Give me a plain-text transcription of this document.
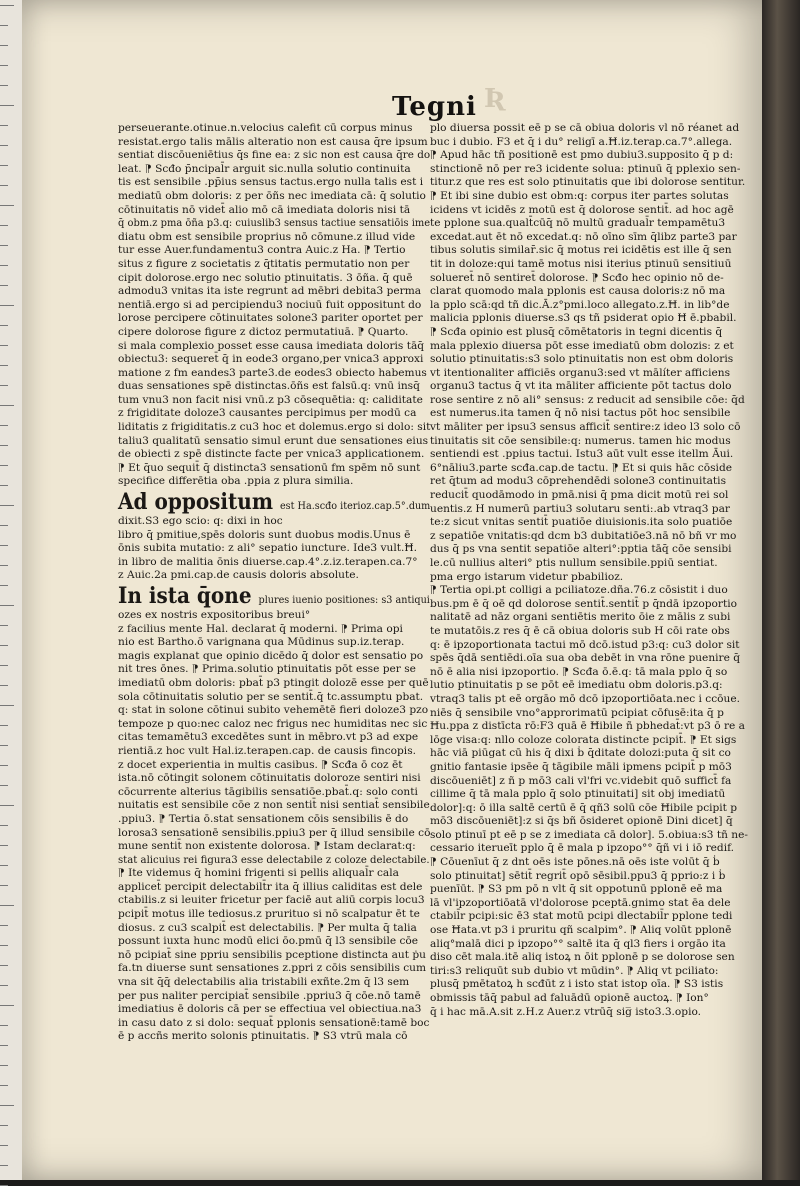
Ʀ
Tegni

perseuerante.otinue.n.velocius calefit cū corpus minus

resistat.ergo talis mālis alteratio non est causa q̄re ipsum

sentiat discōueniētius q̄s fine ea: z sic non est causa q̄re do

leat. ⁋ Scđo p̄ncipal̄r arguit sic.nulla solutio continuita

tis est sensibile .pp̄ius sensus tactus.ergo nulla talis est i

mediatū obm doloris: z per ōñs nec imediata cā: q̄ solutio

cōtinuitatis nō videt̄ alio mō cā imediata doloris nisi tā

q̄ obm.z pma ōña p3.q: cuiuslib3 sensus tactiue sensatiōis ime

diatu obm est sensibile proprius nō cōmune.z illud vide

tur esse Auer.fundamentu3 contra Auic.z Ha. ⁋ Tertio

situs z figure z societatis z q̄titatis permutatio non per

cipit dolorose.ergo nec solutio ptinuitatis. 3 ōña. q̄ quē

admodu3 vnitas ita iste regrunt ad mēbri debita3 perma

nentiā.ergo si ad percipiendu3 nociuū fuit oppositunt do

lorose percipere cōtinuitates solone3 pariter oportet per

cipere dolorose figure z dictoz permutatiuā. ⁋ Quarto.

si mala complexio posset esse causa imediata doloris tāq̄

obiectu3: sequeret̄ q̄ in eode3 organo,per vnica3 approxi

matione z fm eandes3 parte3.de eodes3 obiecto habemus

duas sensationes spē distinctas.ōñs est falsū.q: vnū insq̄

tum vnu3 non facit nisi vnū.z p3 cōsequētia: q: caliditate

z frigiditate doloze3 causantes percipimus per modū ca

liditatis z frigiditatis.z cu3 hoc et dolemus.ergo si dolo: sit

taliu3 qualitatū sensatio simul erunt due sensationes eius

de obiecti z spē distincte facte per vnica3 applicationem.

⁋ Et q̄uo sequit̄ q̄ distincta3 sensationū fm spēm nō sunt

specifice differētia oba .ppia z plura similia.

Ad oppositum est Ha.scđo iterioz.cap.5°.dum

dixit.S3 ego scio: q: dixi in hoc

libro q̄ pmitiue,spēs doloris sunt duobus modis.Unus ē

ōnis subita mutatio: z ali° sepatio iuncture. Ide3 vult.Ħ.

in libro de malitia ōnis diuerse.cap.4°.z.iz.terapen.ca.7°

z Auic.2a pmi.cap.de causis doloris absolute.

In ista q̄one plures iuenio positiones: s3 antiqui

ozes ex nostris expositoribus breui°

z facilius mente Hal. declarat q̄ moderni. ⁋ Prima opi

nio est Bartho.ō varignana qua Mūdinus sup.iz.terap.

magis explanat que opinio dicēdo q̄ dolor est sensatio po

nit tres ōnes. ⁋ Prima.solutio ptinuitatis pōt esse per se

imediatū obm doloris: pbat̄ p3 ptingit dolozē esse per quē

sola cōtinuitatis solutio per se sentit̄.q̄ tc.assumptu pbat.

q: stat in solone cōtinui subito vehemētē fieri doloze3 pzo

tempoze p quo:nec caloz nec frigus nec humiditas nec sic

citas temamētu3 excedētes sunt in mēbro.vt p3 ad expe

rientiā.z hoc vult Hal.iz.terapen.cap. de causis fincopis.

z docet experientia in multis casibus. ⁋ Scđa ō coz ēt

ista.nō cōtingit solonem cōtinuitatis doloroze sentiri nisi

cōcurrente alterius tāgibilis sensatiōe.pbat̄.q: solo conti

nuitatis est sensibile cōe z non sentit̄ nisi sentiat̄ sensibile

.ppiu3. ⁋ Tertia ō.stat sensationem cōis sensibilis ē do

lorosa3 sensationē sensibilis.ppiu3 per q̄ illud sensibile cō

mune sentit̄ non existente dolorosa. ⁋ Istam declarat:q:

stat alicuius rei figura3 esse delectabile z coloze delectabile.

⁋ Ite videmus q̄ homini frigenti si pellis aliqual̄r cala

applicet̄ percipit delectabilt̄r ita q̄ illius caliditas est dele

ctabilis.z si leuiter fricetur per faciē aut aliū corpis locu3

pcipit̄ motus ille tediosus.z prurituo si nō scalpatur ēt te

diosus. z cu3 scalpit̄ est delectabilis. ⁋ Per multa q̄ talia

possunt iuxta hunc modū elici ōo.pmū q̄ l3 sensibile cōe

nō pcipiat̄ sine ppriu sensibilis pceptione distincta aut ṗu

fa.tn diuerse sunt sensationes z.ppri z cōis sensibilis cum

vna sit q̄q̄ delectabilis alia tristabili exñte.2m q̄ l3 sem

per pus naliter percipiat̄ sensibile .ppriu3 q̄ cōe.nō tamē

imediatius ē doloris cā per se effectiua vel obiectiua.na3

in casu dato z si dolo: sequat̄ pplonis sensationē:tamē boc

ē p accñs merito solonis ptinuitatis. ⁋ S3 vtrū mala cō

plo diuersa possit eē p se cā obiua doloris vl nō réanet ad

buc i dubio. F3 et q̄ i du° religī a.Ħ.iz.terap.ca.7°.allega.

⁋ Apud hāc tñ positionē est pmo dubiu3.supposito q̄ p d:

stinctionē nō per re3 icidente solua: ptinuū q̄ pplexio sen-

titur.z que res est solo ptinuitatis que ibi dolorose sentitur.

⁋ Et ibi sine dubio est obm:q: corpus iter partes solutas

icidens vt icidēs z motū est q̄ dolorose sentit̄. ad hoc agē

te pplone sua.qualt̄cūq̄ nō multū gradual̄r tempamētu3

excedat.aut ēt nō excedat.q: nō oīno sīm q̄libz parte3 par

tibus solutis similar̄.sic q̄ motus rei icidētis est ille q̄ sen

tit in doloze:qui tamē motus nisi iterius ptinuū sensitiuū

solueret̄ nō sentiret̄ dolorose. ⁋ Scđo hec opinio nō de-

clarat quomodo mala pplonis est causa doloris:z nō ma

la pplo scā:qd tñ dic.Ā.z°pmi.loco allegato.z.Ħ. in lib°de

malicia pplonis diuerse.s3 qs tñ psiderat opio Ħ ē.pbabil.

⁋ Scđa opinio est plusq̄ cōmētatoris in tegni dicentis q̄

mala pplexio diuersa pōt esse imediatū obm dolozis: z et

solutio ptinuitatis:s3 solo ptinuitatis non est obm doloris

vt itentionaliter afficiēs organu3:sed vt mālíter afficiens

organu3 tactus q̄ vt ita māliter afficiente pōt tactus dolo

rose sentire z nō ali° sensus: z reducit ad sensibile cōe: q̄d

est numerus.ita tamen q̄ nō nisi tactus pōt hoc sensibile

vt māliter per ipsu3 sensus afficit̄ sentire:z ideo l3 solo cō

tinuitatis sit cōe sensibile:q: numerus. tamen hic modus

sentiendi est .ppius tactui. Istu3 aūt vult esse itellm Āui.

6°nāliu3.parte scđa.cap.de tactu. ⁋ Et si quis hāc cōside

ret q̄tum ad modu3 cōprehendēdi solone3 continuitatis

reducit̄ quodāmodo in pmā.nisi q̄ pma dicit motū rei sol

uentis.z H numerū partiu3 solutaru senti:.ab vtraq3 par

te:z sicut vnitas sentit̄ puatiōe diuisionis.ita solo puatiōe

z sepatiōe vnitatis:qd dcm b3 dubitatiōe3.nā nō bñ vr mo

dus q̄ ps vna sentit sepatiōe alteri°:pptia tāq̄ cōe sensibi

le.cū nullius alteri° ptis nullum sensibile.ppiū sentiat.

pma ergo istarum videtur pbabilioz.

⁋ Tertia opi.pt colligi a pciliatoze.dña.76.z cōsistit i duo

bus.pm ē q̄ oē qd dolorose sentit̄.sentit̄ p q̄ndā ipzoportio

nalitatē ad nāz organi sentiētis merito ōie z mālis z subi

te mutatōis.z res q̄ ē cā obiua doloris sub H cōi rate obs

q: ē ipzoportionata tactui mō dcō.istud p3:q: cu3 dolor sit

spēs q̄dā sentiēdi.oīa sua oba debēt in vna rōne puenire q̄

nō ē alia nisi ipzoportio. ⁋ Scđa ō.ē.q: tā mala pplo q̄ so

lutio ptinuitatis p se pōt eē imediatu obm doloris.p3.q:

vtraq3 talis pt eē orgāo mō dcō ipzoportiōata.nec i ccōue.

niēs q̄ sensibile vno°approrimatū pcipiat cōfusē:ita q̄ p

Ħu.ppa z distīcta rō:F3 quā ē Ħibile ñ pbhedat̄:vt p3 ō re a

lōge visa:q: nllo coloze colorata distincte pcipit̄. ⁋ Et sigs

hāc viā piūgat cū his q̄ dixi ḃ q̄ditate dolozi:puta q̄ sit co

gnitio fantasie ipsēe q̄ tāgibile māli ipmens pcipit̄ p mō3

discōueniēt] z ñ p mō3 cali vl'fri vc.videbit quō suffict̄ fa

cillime q̄ tā mala pplo q̄ solo ptinuitati] sit obj imediatū

dolor]:q: ō illa saltē certū ē q̄ qñ3 solū cōe Ħibile pcipit p

mō3 discōueniēt]:z si q̄s bñ ōsideret opionē Dini dicet] q̄

solo ptinuī pt eē p se z imediata cā dolor]. 5.obiua:s3 tñ ne-

cessario iterueīt pplo q̄ ē mala p ipzopo°° q̄ñ vi i iō redif.

⁋ Cōuenīut q̄ z dnt oēs iste pōnes.nā oēs iste volūt q̄ ḃ

solo ptinuitat] sētit̄ regrit̄ opō sēsibil.ppu3 q̄ pprio:z i ḃ

puenīūt. ⁋ S3 pm pō n vlt q̄ sit oppotunū pplonē eē ma

lā vl'ipzoportiōatā vl'dolorose pceptā.gnimo stat ēa dele

ctabil̄r pcipi:sic ē3 stat motū pcipi dlectabil̄r pplone tedi

ose Ħata.vt p3 i pruritu qñ scalpim°. ⁋ Aliq volūt pplonē

aliq°malā dici p ipzopo°° saltē ita q̄ ql3 fiers i orgāo ita

diso cēt mala.itē aliq istoꝝ n ōit pplonē p se dolorose sen

tiri:s3 reliquūt sub dubio vt mūdin°. ⁋ Aliq vt pciliato:

plusq̄ pmētatoꝝ h scđūt z i isto stat istop oīa. ⁋ S3 istis

obmissis tāq̄ pabul ad faluādū opionē auctoꝝ. ⁋ Ion°

q̄ i hac mā.A.sit z.H.z Auer.z vtrūq̄ sig̅ isto3.3.opio.
